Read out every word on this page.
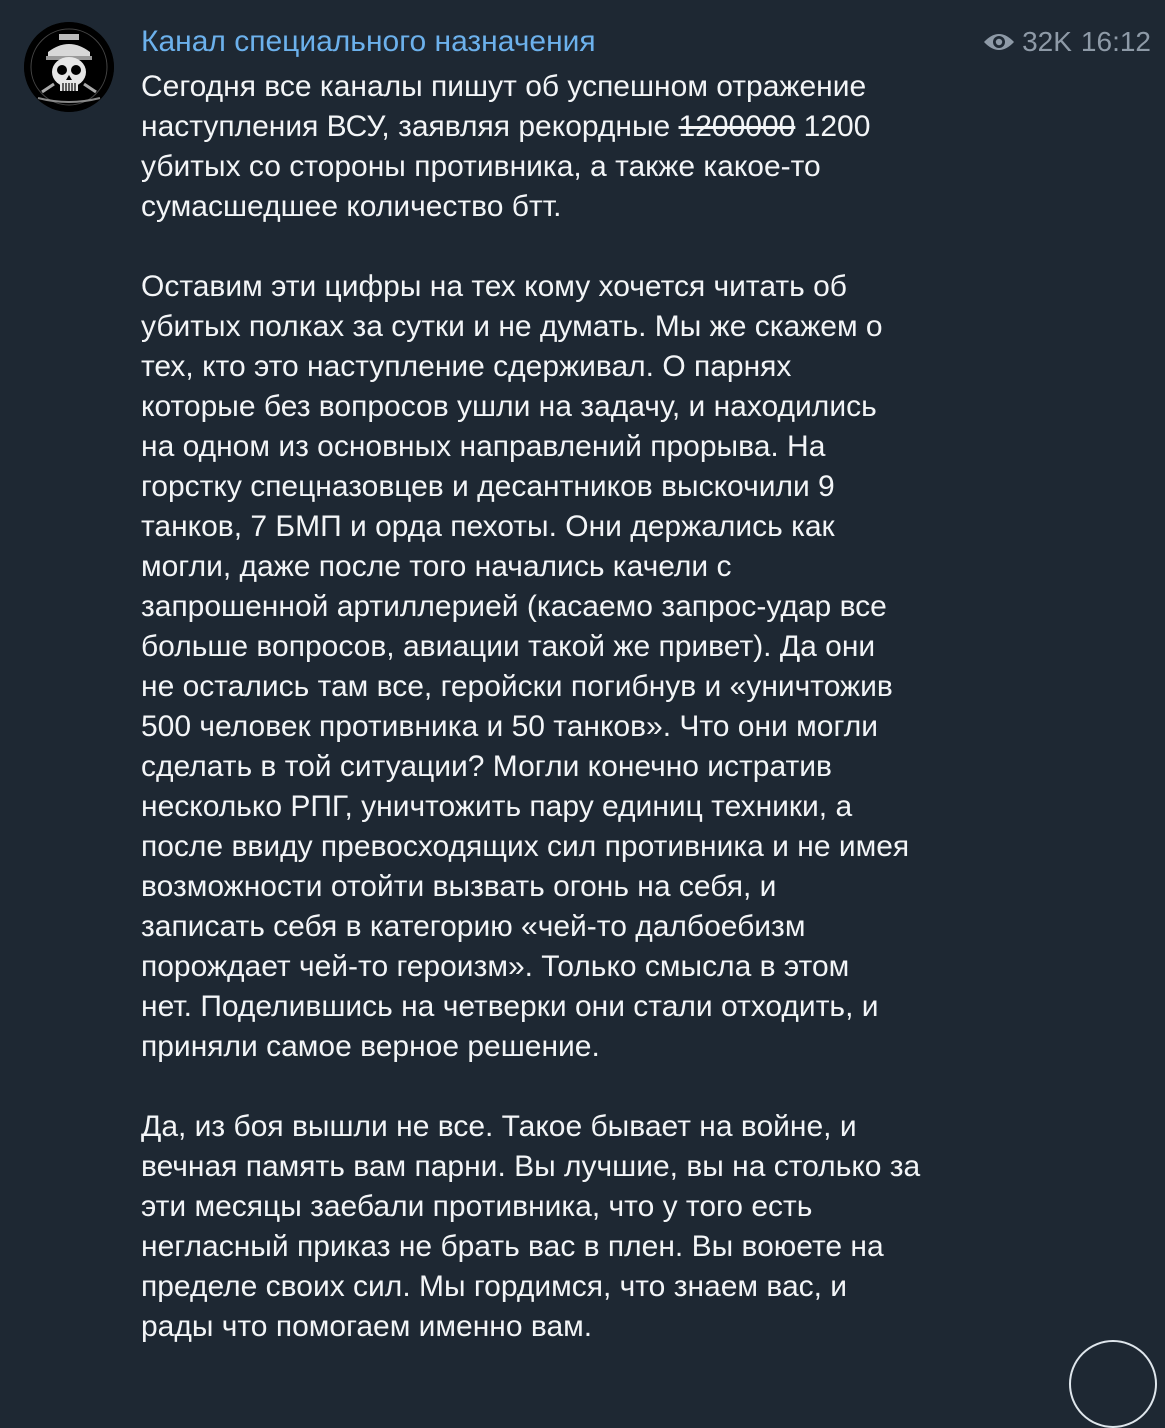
Канал специального назначения	32K 16:12

Сегодня все каналы пишут об успешном отражение
наступления ВСУ, заявляя рекордные 1200000 1200
убитых со стороны противника, а также какое-то
сумасшедшее количество бтт.

Оставим эти цифры на тех кому хочется читать об
убитых полках за сутки и не думать. Мы же скажем о
тех, кто это наступление сдерживал. О парнях
которые без вопросов ушли на задачу, и находились
на одном из основных направлений прорыва. На
горстку спецназовцев и десантников выскочили 9
танков, 7 БМП и орда пехоты. Они держались как
могли, даже после того начались качели с
запрошенной артиллерией (касаемо запрос-удар все
больше вопросов, авиации такой же привет). Да они
не остались там все, геройски погибнув и «уничтожив
500 человек противника и 50 танков». Что они могли
сделать в той ситуации? Могли конечно истратив
несколько РПГ, уничтожить пару единиц техники, а
после ввиду превосходящих сил противника и не имея
возможности отойти вызвать огонь на себя, и
записать себя в категорию «чей-то далбоебизм
порождает чей-то героизм». Только смысла в этом
нет. Поделившись на четверки они стали отходить, и
приняли самое верное решение.

Да, из боя вышли не все. Такое бывает на войне, и
вечная память вам парни. Вы лучшие, вы на столько за
эти месяцы заебали противника, что у того есть
негласный приказ не брать вас в плен. Вы воюете на
пределе своих сил. Мы гордимся, что знаем вас, и
рады что помогаем именно вам.
